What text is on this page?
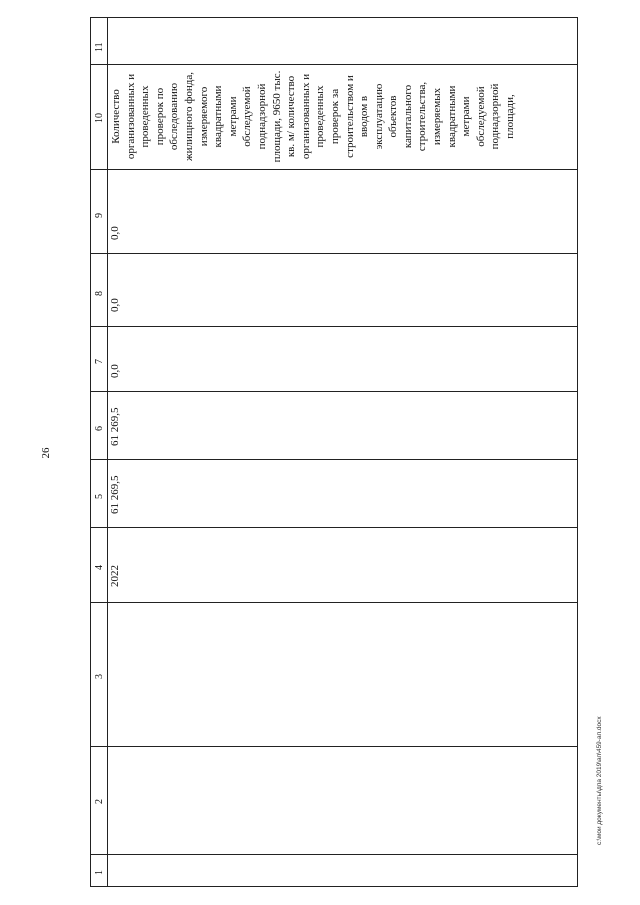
26
11
10
9
8
7
6
5
4
3
2
1
0,0
0,0
0,0
61 269,5
61 269,5
2022
Количество организованных и проведенных проверок по обследованию жилищного фонда, измеряемого квадратными метрами обследуемой поднадзорной площади, 9650 тыс. кв. м/ количество организованных и проведенных проверок за строительством и вводом в эксплуатацию объектов капитального строительства, измеряемых квадратными метрами обследуемой поднадзорной площади,
c:\мои документы\дпа 2019\ап\459-ап.docx
